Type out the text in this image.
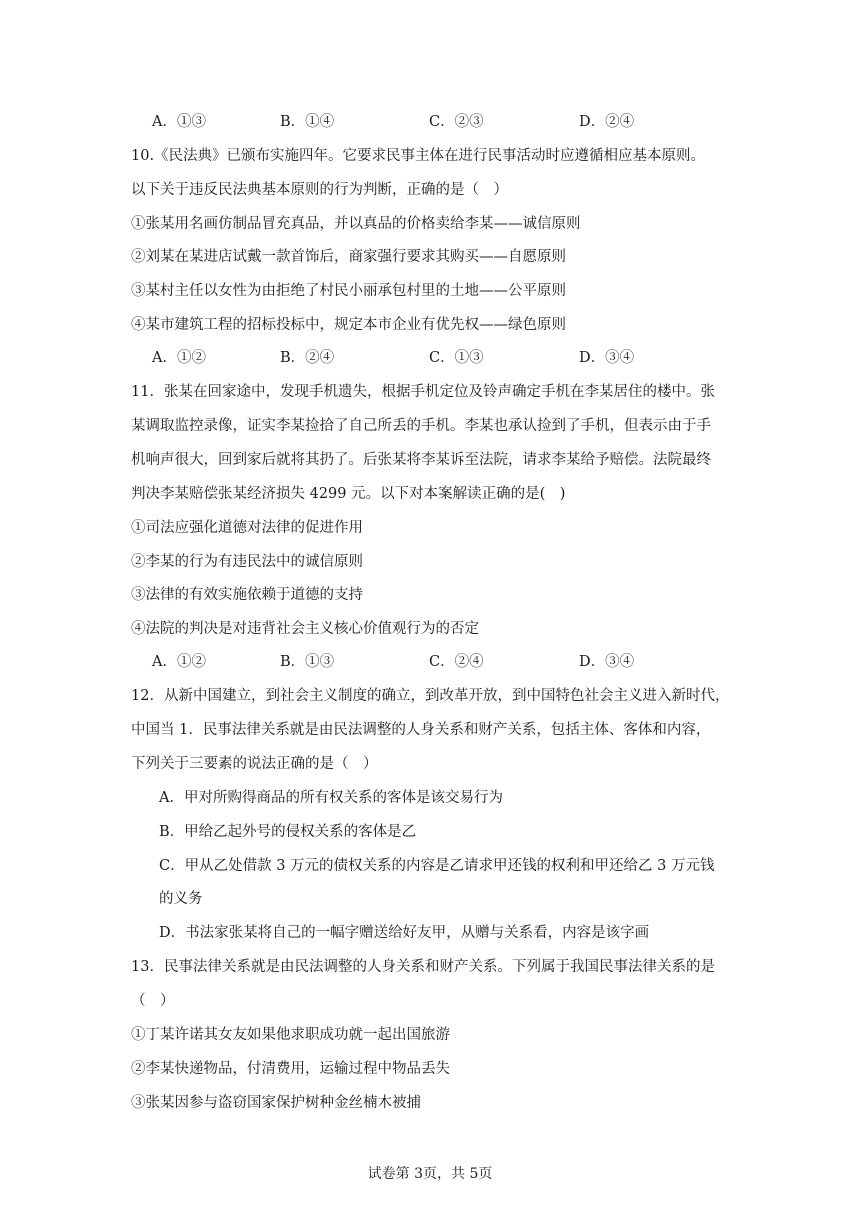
A．①③	B．①④	C．②③	D．②④
10.《民法典》已颁布实施四年。它要求民事主体在进行民事活动时应遵循相应基本原则。
以下关于违反民法典基本原则的行为判断，正确的是（　）
①张某用名画仿制品冒充真品，并以真品的价格卖给李某——诚信原则
②刘某在某进店试戴一款首饰后，商家强行要求其购买——自愿原则
③某村主任以女性为由拒绝了村民小丽承包村里的土地——公平原则
④某市建筑工程的招标投标中，规定本市企业有优先权——绿色原则
A．①②	B．②④	C．①③	D．③④
11．张某在回家途中，发现手机遗失，根据手机定位及铃声确定手机在李某居住的楼中。张
某调取监控录像，证实李某捡拾了自己所丢的手机。李某也承认捡到了手机，但表示由于手
机响声很大，回到家后就将其扔了。后张某将李某诉至法院，请求李某给予赔偿。法院最终
判决李某赔偿张某经济损失 4299 元。以下对本案解读正确的是(　)
①司法应强化道德对法律的促进作用
②李某的行为有违民法中的诚信原则
③法律的有效实施依赖于道德的支持
④法院的判决是对违背社会主义核心价值观行为的否定
A．①②	B．①③	C．②④	D．③④
12．从新中国建立，到社会主义制度的确立，到改革开放，到中国特色社会主义进入新时代，
中国当 1．民事法律关系就是由民法调整的人身关系和财产关系，包括主体、客体和内容，
下列关于三要素的说法正确的是（　）
A．甲对所购得商品的所有权关系的客体是该交易行为
B．甲给乙起外号的侵权关系的客体是乙
C．甲从乙处借款 3 万元的债权关系的内容是乙请求甲还钱的权利和甲还给乙 3 万元钱
的义务
D．书法家张某将自己的一幅字赠送给好友甲，从赠与关系看，内容是该字画
13．民事法律关系就是由民法调整的人身关系和财产关系。下列属于我国民事法律关系的是
（　）
①丁某许诺其女友如果他求职成功就一起出国旅游
②李某快递物品，付清费用，运输过程中物品丢失
③张某因参与盗窃国家保护树种金丝楠木被捕
试卷第 3页，共 5页
